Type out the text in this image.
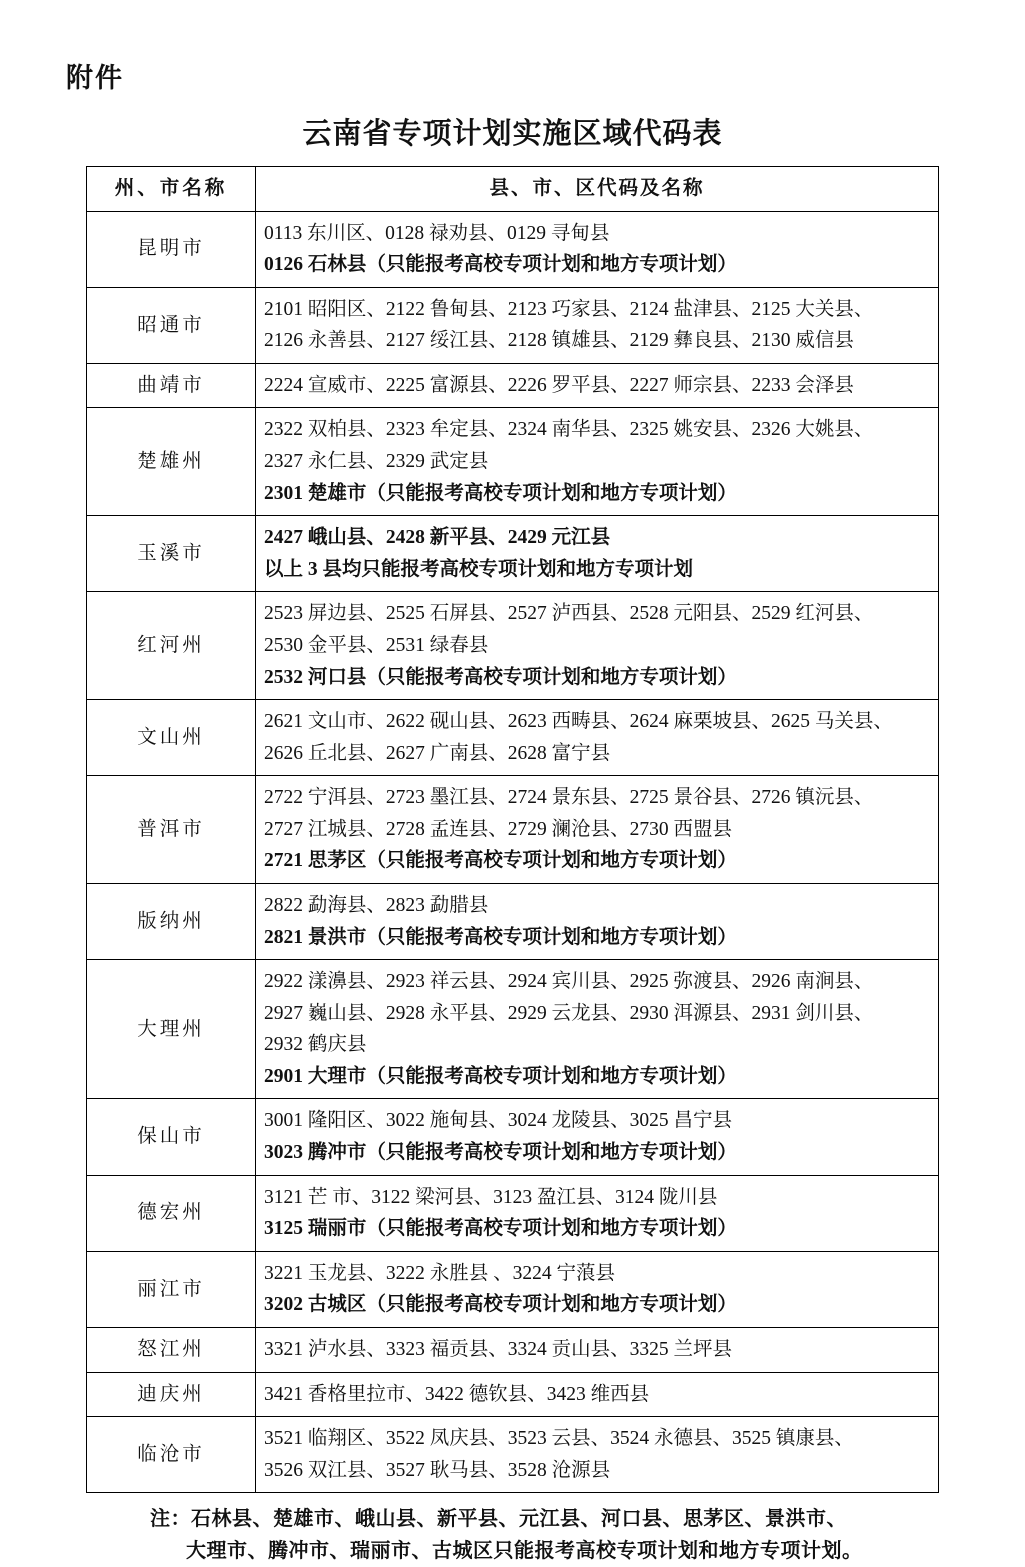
附件
云南省专项计划实施区域代码表
州、市名称	县、市、区代码及名称
昆明市	0113 东川区、0128 禄劝县、0129 寻甸县
0126 石林县（只能报考高校专项计划和地方专项计划）

昭通市	2101 昭阳区、2122 鲁甸县、2123 巧家县、2124 盐津县、2125 大关县、
2126 永善县、2127 绥江县、2128 镇雄县、2129 彝良县、2130 威信县

曲靖市	2224 宣威市、2225 富源县、2226 罗平县、2227 师宗县、2233 会泽县

楚雄州	2322 双柏县、2323 牟定县、2324 南华县、2325 姚安县、2326 大姚县、
2327 永仁县、2329 武定县
2301 楚雄市（只能报考高校专项计划和地方专项计划）

玉溪市	2427 峨山县、2428 新平县、2429 元江县
以上 3 县均只能报考高校专项计划和地方专项计划

红河州	2523 屏边县、2525 石屏县、2527 泸西县、2528 元阳县、2529 红河县、
2530 金平县、2531 绿春县
2532 河口县（只能报考高校专项计划和地方专项计划）

文山州	2621 文山市、2622 砚山县、2623 西畴县、2624 麻栗坡县、2625 马关县、
2626 丘北县、2627 广南县、2628 富宁县

普洱市	2722 宁洱县、2723 墨江县、2724 景东县、2725 景谷县、2726 镇沅县、
2727 江城县、2728 孟连县、2729 澜沧县、2730 西盟县
2721 思茅区（只能报考高校专项计划和地方专项计划）

版纳州	2822 勐海县、2823 勐腊县
2821 景洪市（只能报考高校专项计划和地方专项计划）

大理州	2922 漾濞县、2923 祥云县、2924 宾川县、2925 弥渡县、2926 南涧县、
2927 巍山县、2928 永平县、2929 云龙县、2930 洱源县、2931 剑川县、
2932 鹤庆县
2901 大理市（只能报考高校专项计划和地方专项计划）

保山市	3001 隆阳区、3022 施甸县、3024 龙陵县、3025 昌宁县
3023 腾冲市（只能报考高校专项计划和地方专项计划）

德宏州	3121 芒 市、3122 梁河县、3123 盈江县、3124 陇川县
3125 瑞丽市（只能报考高校专项计划和地方专项计划）

丽江市	3221 玉龙县、3222 永胜县 、3224 宁蒗县
3202 古城区（只能报考高校专项计划和地方专项计划）

怒江州	3321 泸水县、3323 福贡县、3324 贡山县、3325 兰坪县

迪庆州	3421 香格里拉市、3422 德钦县、3423 维西县

临沧市	3521 临翔区、3522 凤庆县、3523 云县、3524 永德县、3525 镇康县、
3526 双江县、3527 耿马县、3528 沧源县
注：石林县、楚雄市、峨山县、新平县、元江县、河口县、思茅区、景洪市、
大理市、腾冲市、瑞丽市、古城区只能报考高校专项计划和地方专项计划。
